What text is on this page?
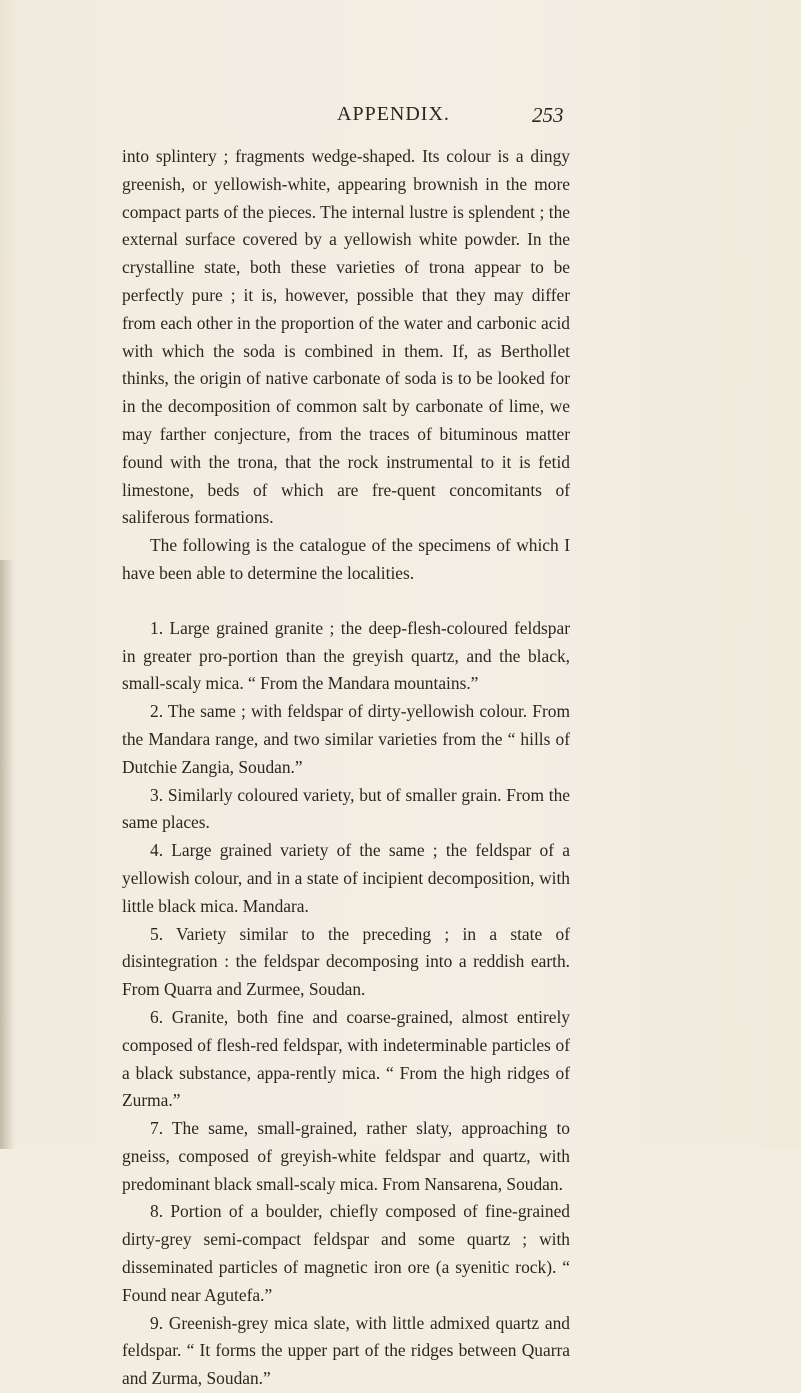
APPENDIX.	253

into splintery ; fragments wedge-shaped. Its colour is a dingy greenish, or yellowish-white, appearing brownish in the more compact parts of the pieces. The internal lustre is splendent ; the external surface covered by a yellowish white powder. In the crystalline state, both these varieties of trona appear to be perfectly pure ; it is, however, possible that they may differ from each other in the proportion of the water and carbonic acid with which the soda is combined in them. If, as Berthollet thinks, the origin of native carbonate of soda is to be looked for in the decomposition of common salt by carbonate of lime, we may farther conjecture, from the traces of bituminous matter found with the trona, that the rock instrumental to it is fetid limestone, beds of which are fre-quent concomitants of saliferous formations.

The following is the catalogue of the specimens of which I have been able to determine the localities.

1. Large grained granite ; the deep-flesh-coloured feldspar in greater pro-portion than the greyish quartz, and the black, small-scaly mica. “ From the Mandara mountains.”

2. The same ; with feldspar of dirty-yellowish colour. From the Mandara range, and two similar varieties from the “ hills of Dutchie Zangia, Soudan.”

3. Similarly coloured variety, but of smaller grain. From the same places.

4. Large grained variety of the same ; the feldspar of a yellowish colour, and in a state of incipient decomposition, with little black mica. Mandara.

5. Variety similar to the preceding ; in a state of disintegration : the feldspar decomposing into a reddish earth. From Quarra and Zurmee, Soudan.

6. Granite, both fine and coarse-grained, almost entirely composed of flesh-red feldspar, with indeterminable particles of a black substance, appa-rently mica. “ From the high ridges of Zurma.”

7. The same, small-grained, rather slaty, approaching to gneiss, composed of greyish-white feldspar and quartz, with predominant black small-scaly mica. From Nansarena, Soudan.

8. Portion of a boulder, chiefly composed of fine-grained dirty-grey semi-compact feldspar and some quartz ; with disseminated particles of magnetic iron ore (a syenitic rock). “ Found near Agutefa.”

9. Greenish-grey mica slate, with little admixed quartz and feldspar. “ It forms the upper part of the ridges between Quarra and Zurma, Soudan.”
